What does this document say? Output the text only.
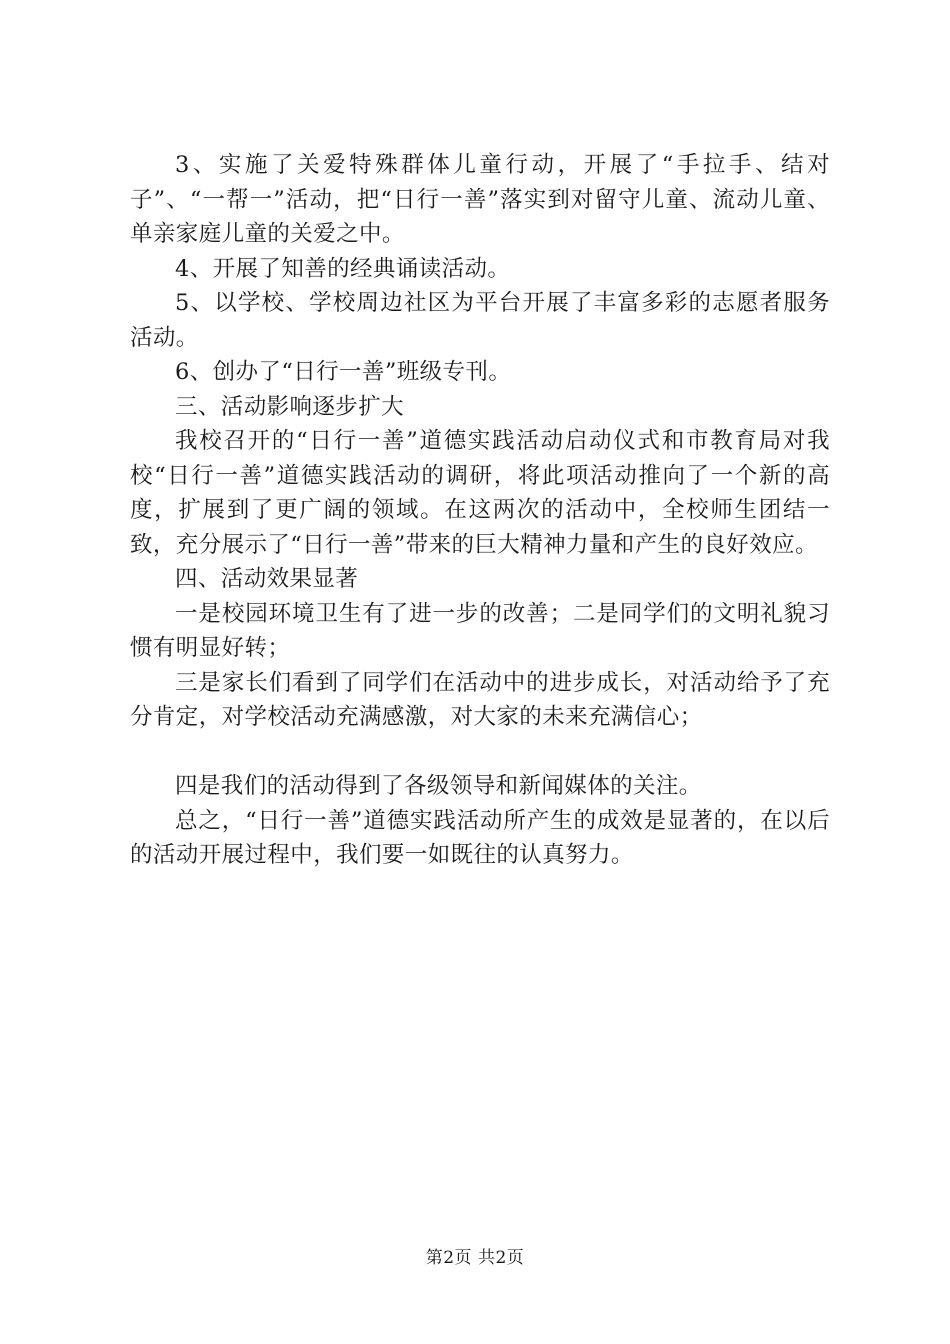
3、实施了关爱特殊群体儿童行动，开展了“手拉手、结对子”、“一帮一”活动，把“日行一善”落实到对留守儿童、流动儿童、单亲家庭儿童的关爱之中。

4、开展了知善的经典诵读活动。

5、以学校、学校周边社区为平台开展了丰富多彩的志愿者服务活动。

6、创办了“日行一善”班级专刊。

三、活动影响逐步扩大

我校召开的“日行一善”道德实践活动启动仪式和市教育局对我校“日行一善”道德实践活动的调研，将此项活动推向了一个新的高度，扩展到了更广阔的领域。在这两次的活动中，全校师生团结一致，充分展示了“日行一善”带来的巨大精神力量和产生的良好效应。

四、活动效果显著

一是校园环境卫生有了进一步的改善；二是同学们的文明礼貌习惯有明显好转；

三是家长们看到了同学们在活动中的进步成长，对活动给予了充分肯定，对学校活动充满感激，对大家的未来充满信心；

四是我们的活动得到了各级领导和新闻媒体的关注。

总之，“日行一善”道德实践活动所产生的成效是显著的，在以后的活动开展过程中，我们要一如既往的认真努力。

第2页 共2页
